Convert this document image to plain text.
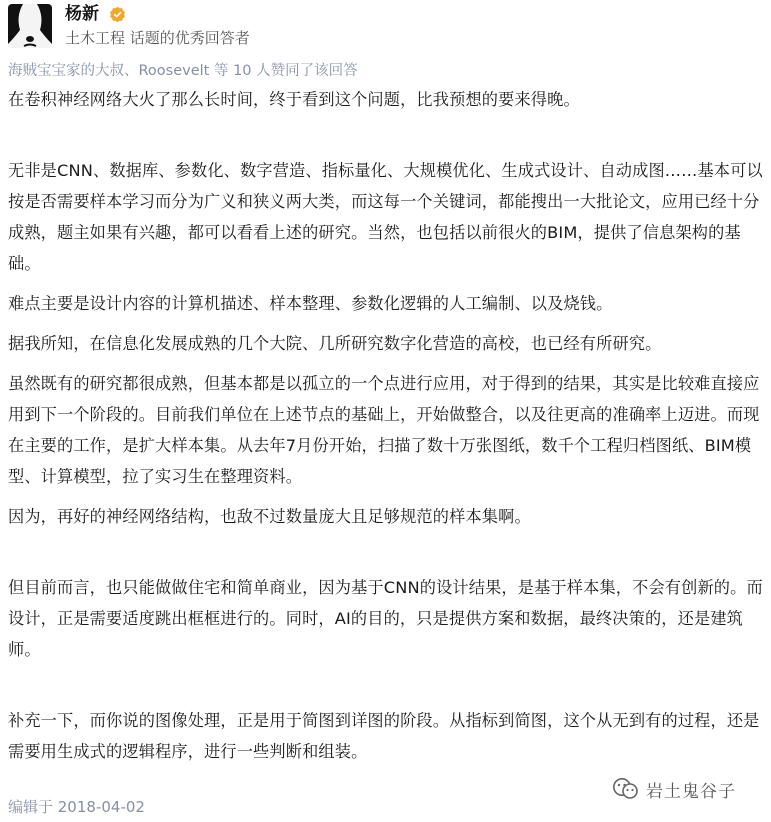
杨新
土木工程 话题的优秀回答者
海贼宝宝家的大叔、Roosevelt 等 10 人赞同了该回答

在卷积神经网络大火了那么长时间，终于看到这个问题，比我预想的要来得晚。

无非是CNN、数据库、参数化、数字营造、指标量化、大规模优化、生成式设计、自动成图……基本可以按是否需要样本学习而分为广义和狭义两大类，而这每一个关键词，都能搜出一大批论文，应用已经十分成熟，题主如果有兴趣，都可以看看上述的研究。当然，也包括以前很火的BIM，提供了信息架构的基础。

难点主要是设计内容的计算机描述、样本整理、参数化逻辑的人工编制、以及烧钱。

据我所知，在信息化发展成熟的几个大院、几所研究数字化营造的高校，也已经有所研究。

虽然既有的研究都很成熟，但基本都是以孤立的一个点进行应用，对于得到的结果，其实是比较难直接应用到下一个阶段的。目前我们单位在上述节点的基础上，开始做整合，以及往更高的准确率上迈进。而现在主要的工作，是扩大样本集。从去年7月份开始，扫描了数十万张图纸，数千个工程归档图纸、BIM模型、计算模型，拉了实习生在整理资料。

因为，再好的神经网络结构，也敌不过数量庞大且足够规范的样本集啊。

但目前而言，也只能做做住宅和简单商业，因为基于CNN的设计结果，是基于样本集，不会有创新的。而设计，正是需要适度跳出框框进行的。同时，AI的目的，只是提供方案和数据，最终决策的，还是建筑师。

补充一下，而你说的图像处理，正是用于简图到详图的阶段。从指标到简图，这个从无到有的过程，还是需要用生成式的逻辑程序，进行一些判断和组装。

编辑于 2018-04-02
岩土鬼谷子
